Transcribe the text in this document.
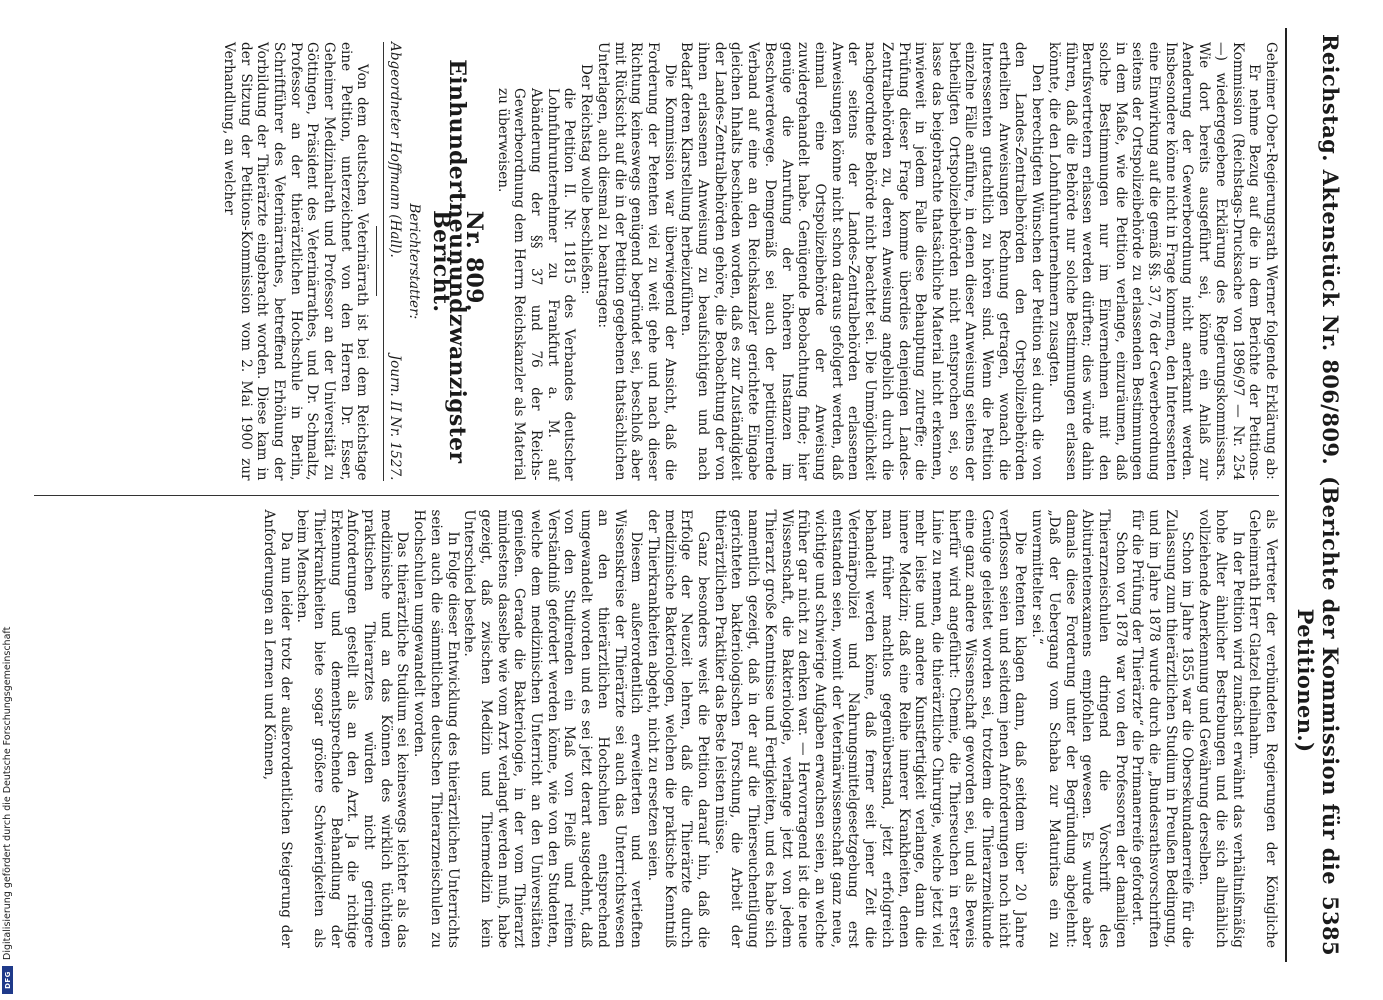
Digitalisierung gefördert durch die Deutsche Forschungsgemeinschaft
DFG
Reichstag. Aktenstück Nr. 806/809.
(Berichte der Kommission für die Petitionen.)
5385

Geheimer Ober-Regierungsrath Werner folgende Erklärung ab:

Er nehme Bezug auf die in dem Berichte der Petitions-Kommission (Reichstags-Drucksache von 1896/97 — Nr. 254 —) wiedergegebene Erklärung des Regierungskommissars. Wie dort bereits ausgeführt sei, könne ein Anlaß zur Aenderung der Gewerbeordnung nicht anerkannt werden. Insbesondere könne nicht in Frage kommen, den Interessenten eine Einwirkung auf die gemäß §§. 37, 76 der Gewerbeordnung seitens der Ortspolizeibehörde zu erlassenden Bestimmungen in dem Maße, wie die Petition verlange, einzuräumen, daß solche Bestimmungen nur im Einvernehmen mit den Berufsvertretern erlassen werden dürften; dies würde dahin führen, daß die Behörde nur solche Bestimmungen erlassen könnte, die den Lohnfuhrunternehmern zusagten.

Den berechtigten Wünschen der Petition sei durch die von den Landes-Zentralbehörden den Ortspolizeibehörden ertheilten Anweisungen Rechnung getragen, wonach die Interessenten gutachtlich zu hören sind. Wenn die Petition einzelne Fälle anführe, in denen dieser Anweisung seitens der betheiligten Ortspolizeibehörden nicht entsprochen sei, so lasse das beigebrachte thatsächliche Material nicht erkennen, inwieweit in jedem Falle diese Behauptung zutreffe; die Prüfung dieser Frage komme überdies denjenigen Landes-Zentralbehörden zu, deren Anweisung angeblich durch die nachgeordnete Behörde nicht beachtet sei. Die Unmöglichkeit der seitens der Landes-Zentralbehörden erlassenen Anweisungen könne nicht schon daraus gefolgert werden, daß einmal eine Ortspolizeibehörde der Anweisung zuwidergehandelt habe. Genügende Beobachtung finde; hier genüge die Anrufung der höheren Instanzen im Beschwerdewege. Demgemäß sei auch der petitionirende Verband auf eine an den Reichskanzler gerichtete Eingabe gleichen Inhalts beschieden worden, daß es zur Zuständigkeit der Landes-Zentralbehörden gehöre, die Beobachtung der von ihnen erlassenen Anweisung zu beaufsichtigen und nach Bedarf deren Klarstellung herbeizuführen.

Die Kommission war überwiegend der Ansicht, daß die Forderung der Petenten viel zu weit gehe und nach dieser Richtung keineswegs genügend begründet sei, beschloß aber mit Rücksicht auf die in der Petition gegebenen thatsächlichen Unterlagen, auch diesmal zu beantragen:

Der Reichstag wolle beschließen:

die Petition II. Nr. 11815 des Verbandes deutscher Lohnfuhrunternehmer zu Frankfurt a. M. auf Abänderung der §§ 37 und 76 der Reichs-Gewerbeordnung dem Herrn Reichskanzler als Material zu überweisen.

Nr. 809. Einhundertneunundzwanzigster Bericht.
Berichterstatter:
Abgeordneter Hoffmann (Hall).
Journ. II Nr. 1527.

Von dem deutschen Veterinärrath ist bei dem Reichstage eine Petition, unterzeichnet von den Herren Dr. Esser, Geheimer Medizinalrath und Professor an der Universität zu Göttingen, Präsident des Veterinärrathes, und Dr. Schmaltz, Professor an der thierärztlichen Hochschule in Berlin, Schriftführer des Veterinärrathes, betreffend Erhöhung der Vorbildung der Thierärzte eingebracht worden. Diese kam in der Sitzung der Petitions-Kommission vom 2. Mai 1900 zur Verhandlung, an welcher

als Vertreter der verbündeten Regierungen der Königliche Geheimrath Herr Glatzel theilnahm.

In der Petition wird zunächst erwähnt das verhältnißmäßig hohe Alter ähnlicher Bestrebungen und die sich allmählich vollziehende Anerkennung und Gewährung derselben.

Schon im Jahre 1855 war die Obersekundanerreife für die Zulassung zum thierärztlichen Studium in Preußen Bedingung, und im Jahre 1878 wurde durch die „Bundesrathsvorschriften für die Prüfung der Thierärzte“ die Primanerreife gefordert.

Schon vor 1878 war von den Professoren der damaligen Thierarzneischulen dringend die Vorschrift des Abiturientenexamens empfohlen gewesen. Es wurde aber damals diese Forderung unter der Begründung abgelehnt: „Daß der Uebergang vom Schaba zur Maturitas ein zu unvermittelter sei.“

Die Petenten klagen dann, daß seitdem über 20 Jahre verflossen seien und seitdem jenen Anforderungen noch nicht Genüge geleistet worden sei, trotzdem die Thierarzneikunde eine ganz andere Wissenschaft geworden sei, und als Beweis hierfür wird angeführt: Chemie, die Thierseuchen in erster Linie zu nennen, die thierärztliche Chirurgie, welche jetzt viel mehr leiste und andere Kunstfertigkeit verlange, dann die innere Medizin; daß eine Reihe innerer Krankheiten, denen man früher machtlos gegenüberstand, jetzt erfolgreich behandelt werden könne, daß ferner seit jener Zeit die Veterinärpolizei und Nahrungsmittelgesetzgebung erst entstanden seien, womit der Veterinärwissenschaft ganz neue, wichtige und schwierige Aufgaben erwachsen seien, an welche früher gar nicht zu denken war. — Hervorragend ist die neue Wissenschaft, die Bakteriologie, verlange jetzt von jedem Thierarzt große Kenntnisse und Fertigkeiten, und es habe sich namentlich gezeigt, daß in der auf die Thierseuchentilgung gerichteten bakteriologischen Forschung, die Arbeit der thierärztlichen Praktiker das Beste leisten müsse.

Ganz besonders weist die Petition darauf hin, daß die Erfolge der Neuzeit lehren, daß die Thierärzte durch medizinische Bakteriologen, welchen die praktische Kenntniß der Thierkrankheiten abgeht, nicht zu ersetzen seien.

Diesem außerordentlich erweiterten und vertieften Wissenskreise der Thierärzte sei auch das Unterrichtswesen an den thierärztlichen Hochschulen entsprechend umgewandelt worden und es sei jetzt derart ausgedehnt, daß von den Studirenden ein Maß von Fleiß und reifem Verständniß gefordert werden könne, wie von den Studenten, welche dem medizinischen Unterricht an den Universitäten genießen. Gerade die Bakteriologie, in der vom Thierarzt mindestens dasselbe wie vom Arzt verlangt werden muß, habe gezeigt, daß zwischen Medizin und Thiermedizin kein Unterschied bestehe.

In Folge dieser Entwicklung des thierärztlichen Unterrichts seien auch die sämmtlichen deutschen Thierarzneischulen zu Hochschulen umgewandelt worden.

Das thierärztliche Studium sei keineswegs leichter als das medizinische und an das Können des wirklich tüchtigen praktischen Thierarztes würden nicht geringere Anforderungen gestellt als an den Arzt. Ja die richtige Erkennung und dementsprechende Behandlung der Thierkrankheiten biete sogar größere Schwierigkeiten als beim Menschen.

Da nun leider trotz der außerordentlichen Steigerung der Anforderungen an Lernen und Können,
